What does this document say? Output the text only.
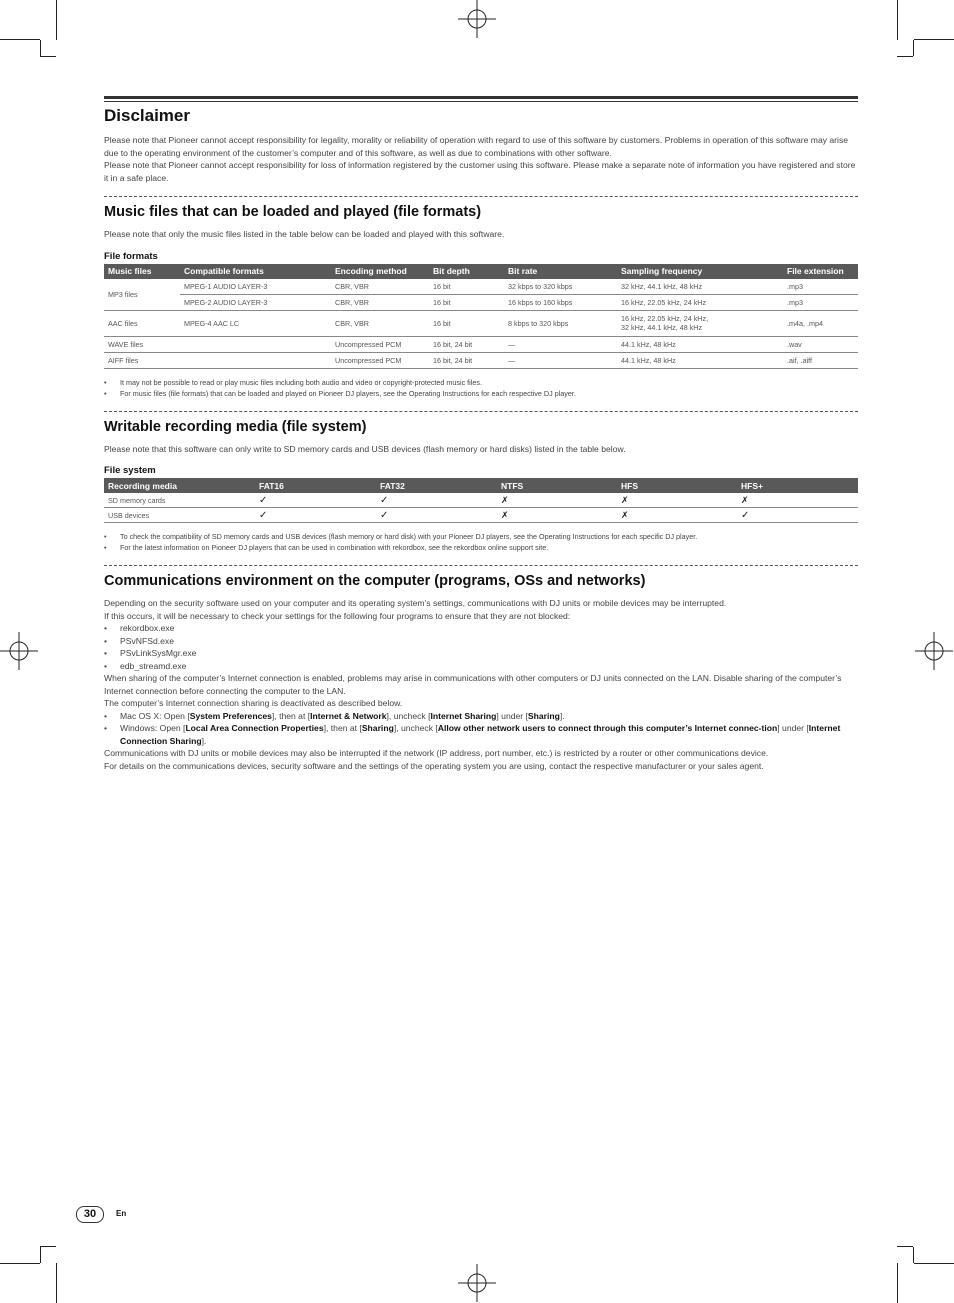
Disclaimer

Please note that Pioneer cannot accept responsibility for legality, morality or reliability of operation with regard to use of this software by customers. Problems in operation of this software may arise due to the operating environment of the customer’s computer and of this software, as well as due to combinations with other software.

Please note that Pioneer cannot accept responsibility for loss of information registered by the customer using this software. Please make a separate note of information you have registered and store it in a safe place.

Music files that can be loaded and played (file formats)

Please note that only the music files listed in the table below can be loaded and played with this software.

File formats
Music files	Compatible formats	Encoding method	Bit depth	Bit rate	Sampling frequency	File extension
MP3 files	MPEG-1 AUDIO LAYER-3	CBR, VBR	16 bit	32 kbps to 320 kbps	32 kHz, 44.1 kHz, 48 kHz	.mp3
	MPEG-2 AUDIO LAYER-3	CBR, VBR	16 bit	16 kbps to 160 kbps	16 kHz, 22.05 kHz, 24 kHz	.mp3
AAC files	MPEG-4 AAC LC	CBR, VBR	16 bit	8 kbps to 320 kbps	16 kHz, 22.05 kHz, 24 kHz,
32 kHz, 44.1 kHz, 48 kHz	.m4a, .mp4
WAVE files		Uncompressed PCM	16 bit, 24 bit	—	44.1 kHz, 48 kHz	.wav
AIFF files		Uncompressed PCM	16 bit, 24 bit	—	44.1 kHz, 48 kHz	.aif, .aiff
• It may not be possible to read or play music files including both audio and video or copyright-protected music files.
• For music files (file formats) that can be loaded and played on Pioneer DJ players, see the Operating Instructions for each respective DJ player.
Writable recording media (file system)

Please note that this software can only write to SD memory cards and USB devices (flash memory or hard disks) listed in the table below.

File system
Recording media	FAT16	FAT32	NTFS	HFS	HFS+
SD memory cards	✓	✓	✗	✗	✗
USB devices	✓	✓	✗	✗	✓
• To check the compatibility of SD memory cards and USB devices (flash memory or hard disk) with your Pioneer DJ players, see the Operating Instructions for each specific DJ player.
• For the latest information on Pioneer DJ players that can be used in combination with rekordbox, see the rekordbox online support site.
Communications environment on the computer (programs, OSs and networks)

Depending on the security software used on your computer and its operating system’s settings, communications with DJ units or mobile devices may be interrupted.

If this occurs, it will be necessary to check your settings for the following four programs to ensure that they are not blocked:

• rekordbox.exe
• PSvNFSd.exe
• PSvLinkSysMgr.exe
• edb_streamd.exe

When sharing of the computer’s Internet connection is enabled, problems may arise in communications with other computers or DJ units connected on the LAN. Disable sharing of the computer’s Internet connection before connecting the computer to the LAN.

The computer’s Internet connection sharing is deactivated as described below.

• Mac OS X: Open [System Preferences], then at [Internet & Network], uncheck [Internet Sharing] under [Sharing].
• Windows: Open [Local Area Connection Properties], then at [Sharing], uncheck [Allow other network users to connect through this computer’s Internet connec-tion] under [Internet Connection Sharing].

Communications with DJ units or mobile devices may also be interrupted if the network (IP address, port number, etc.) is restricted by a router or other communications device.

For details on the communications devices, security software and the settings of the operating system you are using, contact the respective manufacturer or your sales agent.

30	En
